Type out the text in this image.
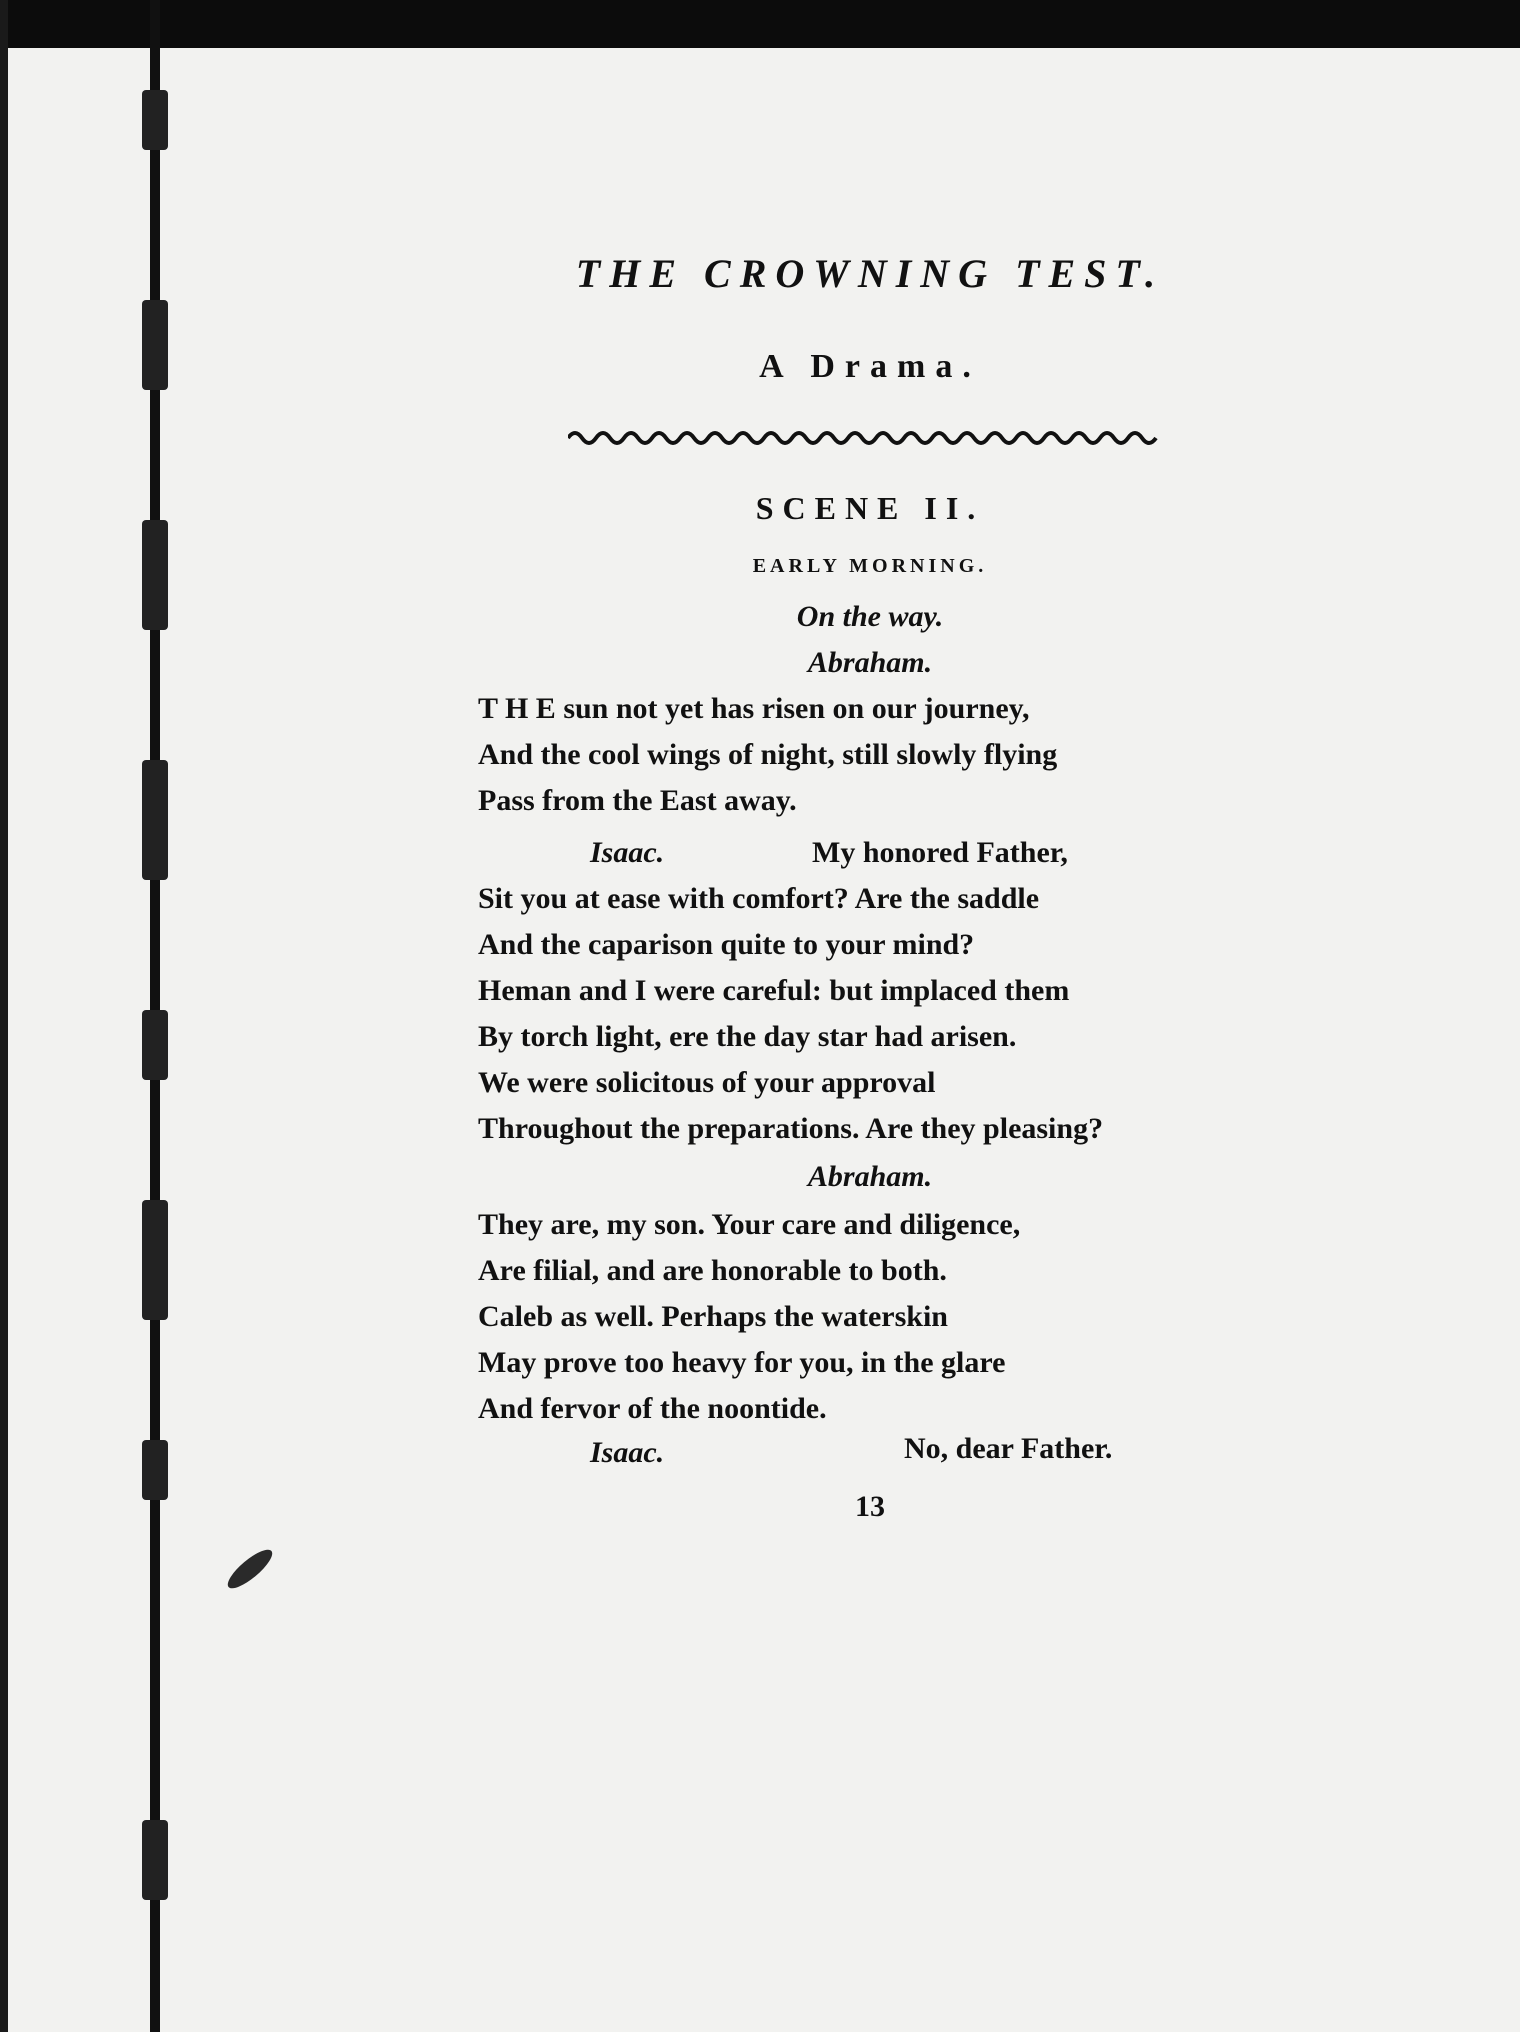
THE CROWNING TEST.
A Drama.
SCENE II.
EARLY MORNING.
On the way.
Abraham.
T H E sun not yet has risen on our journey,
And the cool wings of night, still slowly flying
Pass from the East away.
Isaac.	My honored Father,
Sit you at ease with comfort? Are the saddle
And the caparison quite to your mind?
Heman and I were careful: but implaced them
By torch light, ere the day star had arisen.
We were solicitous of your approval
Throughout the preparations. Are they pleasing?
Abraham.
They are, my son. Your care and diligence,
Are filial, and are honorable to both.
Caleb as well. Perhaps the waterskin
May prove too heavy for you, in the glare
And fervor of the noontide.
Isaac.	No, dear Father.
13
